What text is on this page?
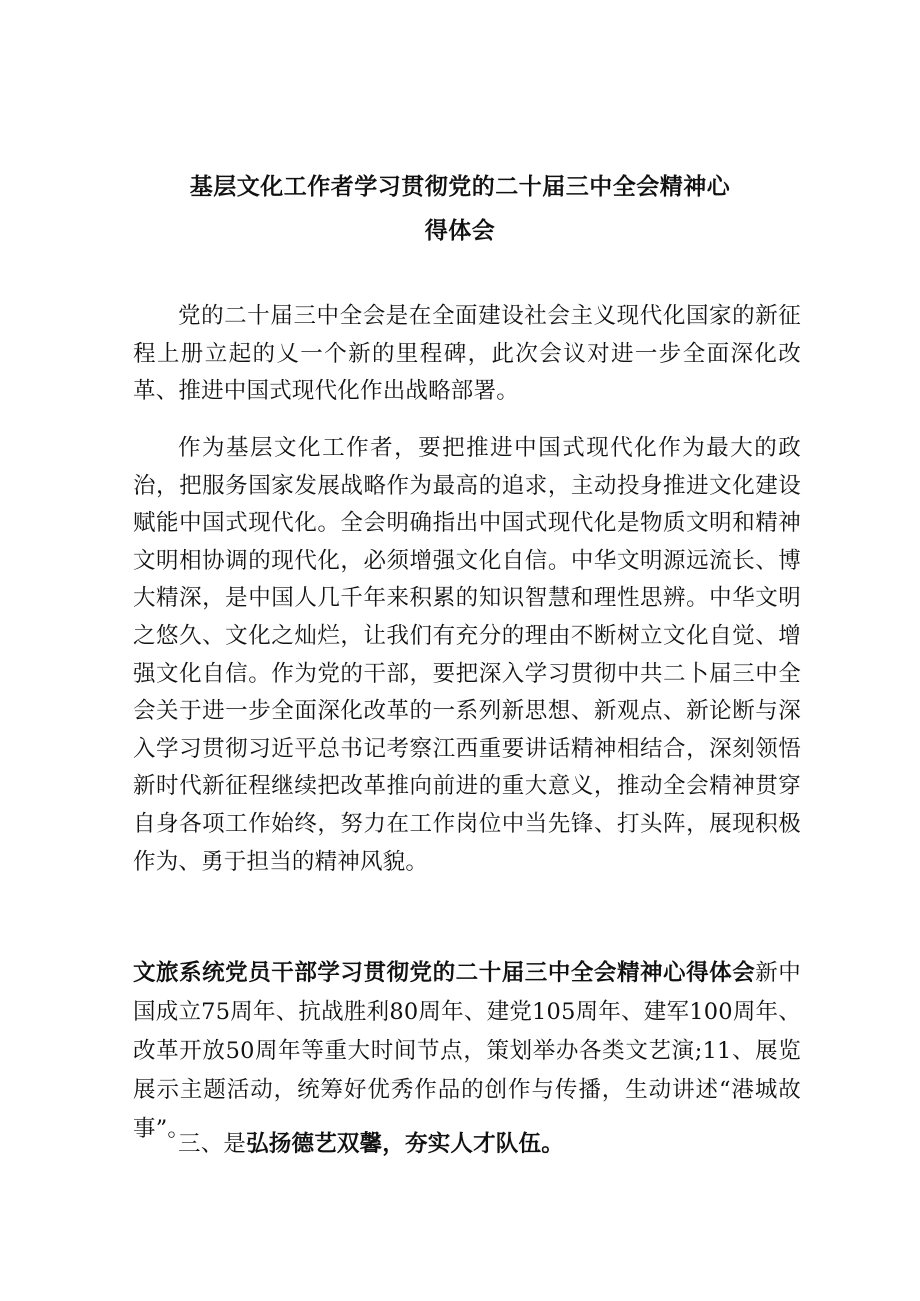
基层文化工作者学习贯彻党的二十届三中全会精神心
得体会

党的二十届三中全会是在全面建设社会主义现代化国家的新征程上册立起的乂一个新的里程碑，此次会议对进一步全面深化改革、推进中国式现代化作出战略部署。

作为基层文化工作者，要把推进中国式现代化作为最大的政治，把服务国家发展战略作为最高的追求，主动投身推进文化建设赋能中国式现代化。全会明确指出中国式现代化是物质文明和精神文明相协调的现代化，必须增强文化自信。中华文明源远流长、博大精深，是中国人几千年来积累的知识智慧和理性思辨。中华文明之悠久、文化之灿烂，让我们有充分的理由不断树立文化自觉、增强文化自信。作为党的干部，要把深入学习贯彻中共二卜届三中全会关于进一步全面深化改革的一系列新思想、新观点、新论断与深入学习贯彻习近平总书记考察江西重要讲话精神相结合，深刻领悟新时代新征程继续把改革推向前进的重大意义，推动全会精神贯穿自身各项工作始终，努力在工作岗位中当先锋、打头阵，展现积极作为、勇于担当的精神风貌。

文旅系统党员干部学习贯彻党的二十届三中全会精神心得体会新中国成立75周年、抗战胜利80周年、建党105周年、建军100周年、改革开放50周年等重大时间节点，策划举办各类文艺演;11、展览展示主题活动，统筹好优秀作品的创作与传播，生动讲述“港城故事”。

三、是弘扬德艺双馨，夯实人才队伍。
